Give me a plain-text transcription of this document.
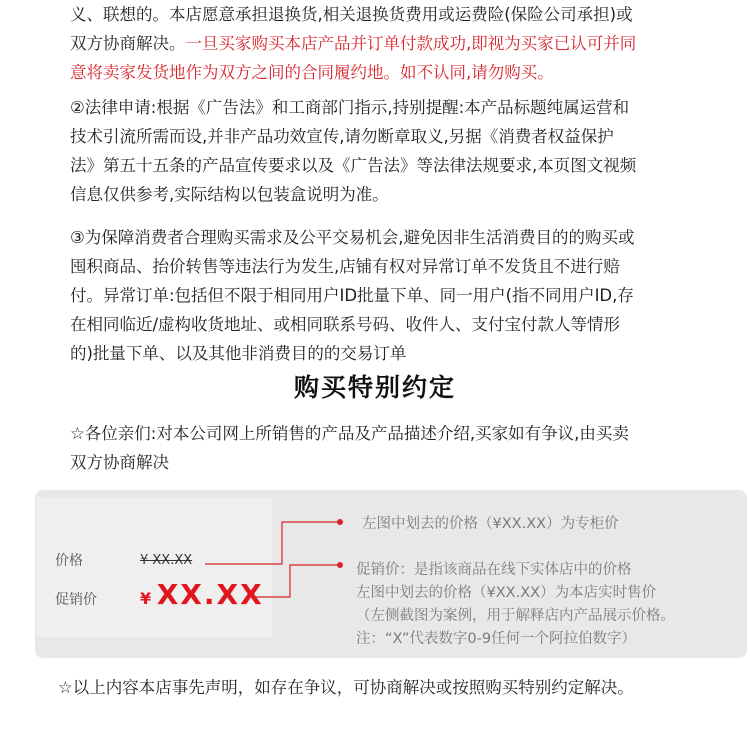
义、联想的。本店愿意承担退换货,相关退换货费用或运费险(保险公司承担)或
双方协商解决。一旦买家购买本店产品并订单付款成功,即视为买家已认可并同
意将卖家发货地作为双方之间的合同履约地。如不认同,请勿购买。
②法律申请:根据《广告法》和工商部门指示,持别提醒:本产品标题纯属运营和
技术引流所需而设,并非产品功效宣传,请勿断章取义,另据《消费者权益保护
法》第五十五条的产品宣传要求以及《广告法》等法律法规要求,本页图文视频
信息仅供参考,实际结构以包装盒说明为准。
③为保障消费者合理购买需求及公平交易机会,避免因非生活消费目的的购买或
囤积商品、抬价转售等违法行为发生,店铺有权对异常订单不发货且不进行赔
付。异常订单:包括但不限于相同用户ID批量下单、同一用户(指不同用户ID,存
在相同临近/虚构收货地址、或相同联系号码、收件人、支付宝付款人等情形
的)批量下单、以及其他非消费目的的交易订单
购买特别约定
☆各位亲们:对本公司网上所销售的产品及产品描述介绍,买家如有争议,由买卖
双方协商解决
价格	¥ XX.XX
促销价	¥ XX.XX
左图中划去的价格（¥XX.XX）为专柜价
促销价：是指该商品在线下实体店中的价格
左图中划去的价格（¥XX.XX）为本店实时售价
（左侧截图为案例，用于解释店内产品展示价格。
注：“X”代表数字0-9任何一个阿拉伯数字）
☆以上内容本店事先声明，如存在争议，可协商解决或按照购买特别约定解决。
